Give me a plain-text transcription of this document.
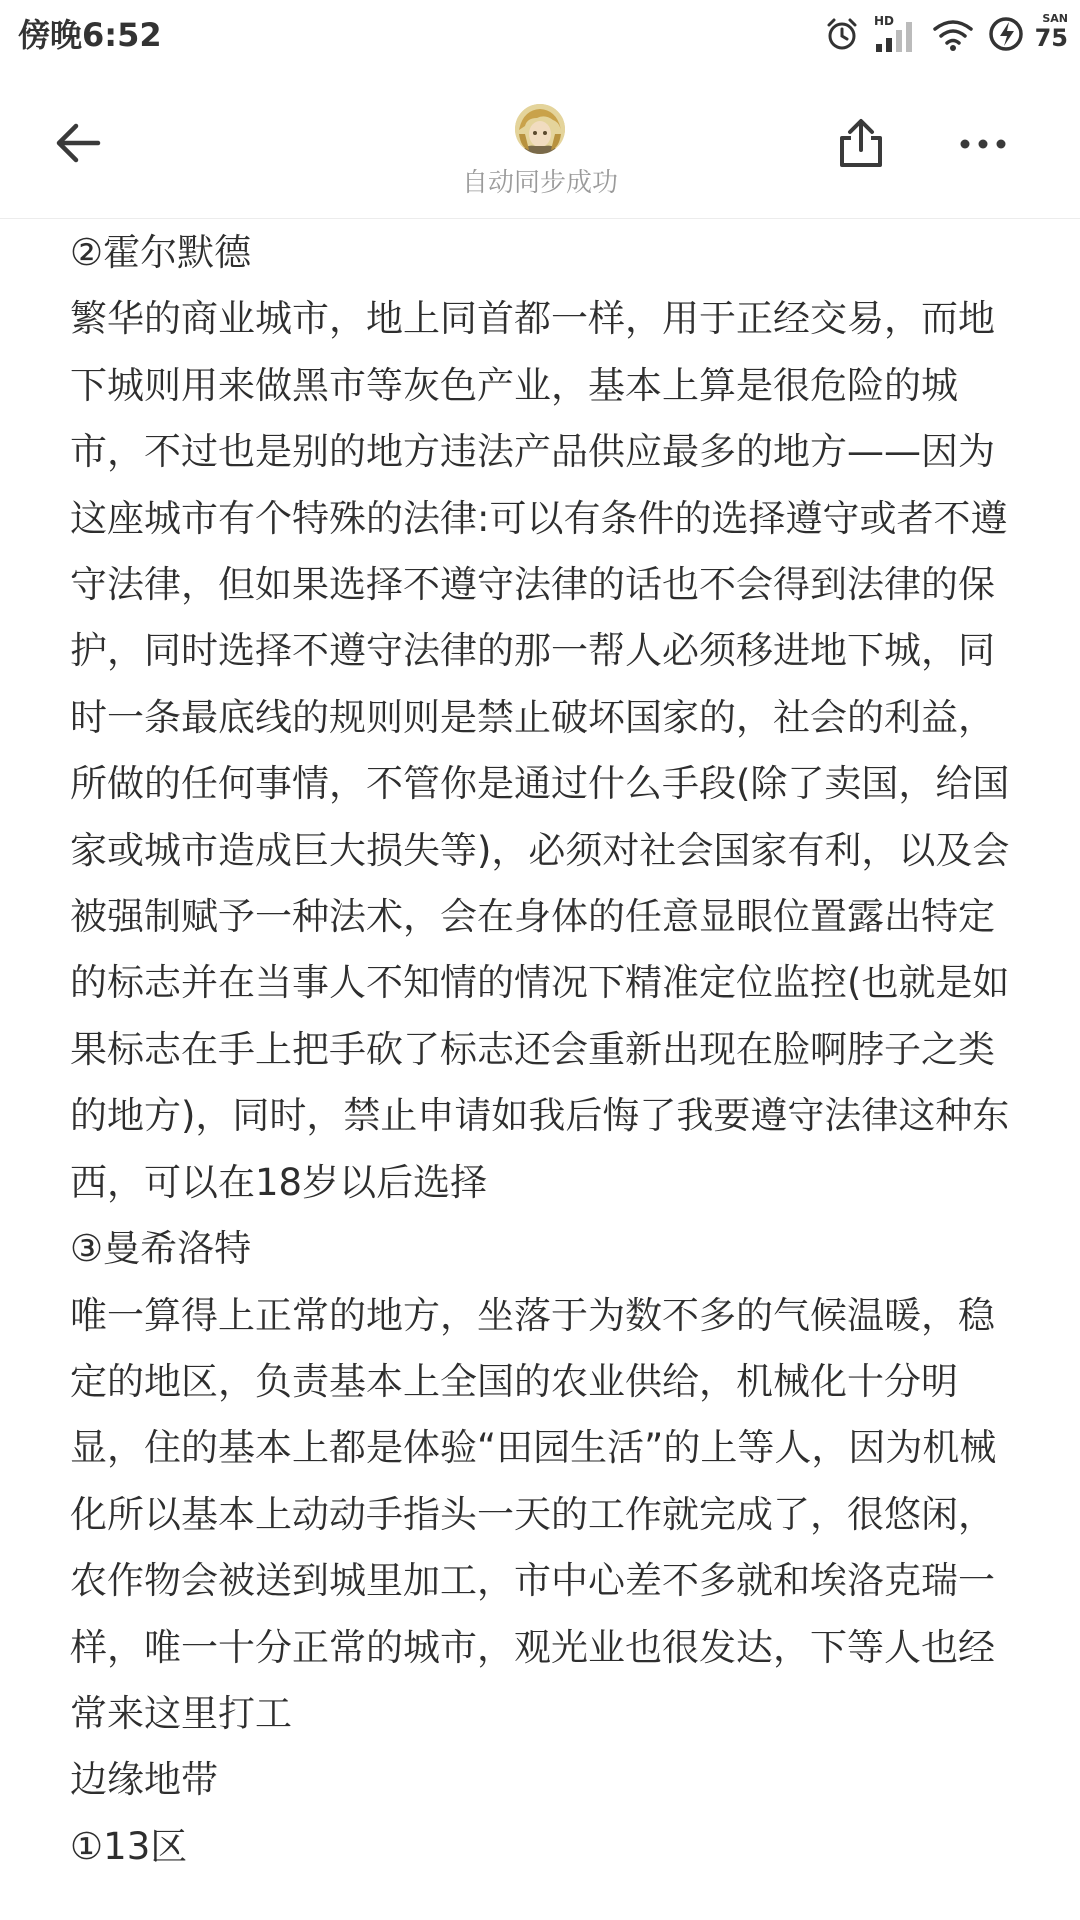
傍晚6:52	HD	SAN
75
自动同步成功
②霍尔默德
繁华的商业城市，地上同首都一样，用于正经交易，而地下城则用来做黑市等灰色产业，基本上算是很危险的城市，不过也是别的地方违法产品供应最多的地方——因为这座城市有个特殊的法律:可以有条件的选择遵守或者不遵守法律，但如果选择不遵守法律的话也不会得到法律的保护，同时选择不遵守法律的那一帮人必须移进地下城，同时一条最底线的规则则是禁止破坏国家的，社会的利益，所做的任何事情，不管你是通过什么手段(除了卖国，给国家或城市造成巨大损失等)，必须对社会国家有利，以及会被强制赋予一种法术，会在身体的任意显眼位置露出特定的标志并在当事人不知情的情况下精准定位监控(也就是如果标志在手上把手砍了标志还会重新出现在脸啊脖子之类的地方)，同时，禁止申请如我后悔了我要遵守法律这种东西，可以在18岁以后选择
③曼希洛特
唯一算得上正常的地方，坐落于为数不多的气候温暖，稳定的地区，负责基本上全国的农业供给，机械化十分明显，住的基本上都是体验“田园生活”的上等人，因为机械化所以基本上动动手指头一天的工作就完成了，很悠闲，农作物会被送到城里加工，市中心差不多就和埃洛克瑞一样，唯一十分正常的城市，观光业也很发达，下等人也经常来这里打工
边缘地带
①13区
